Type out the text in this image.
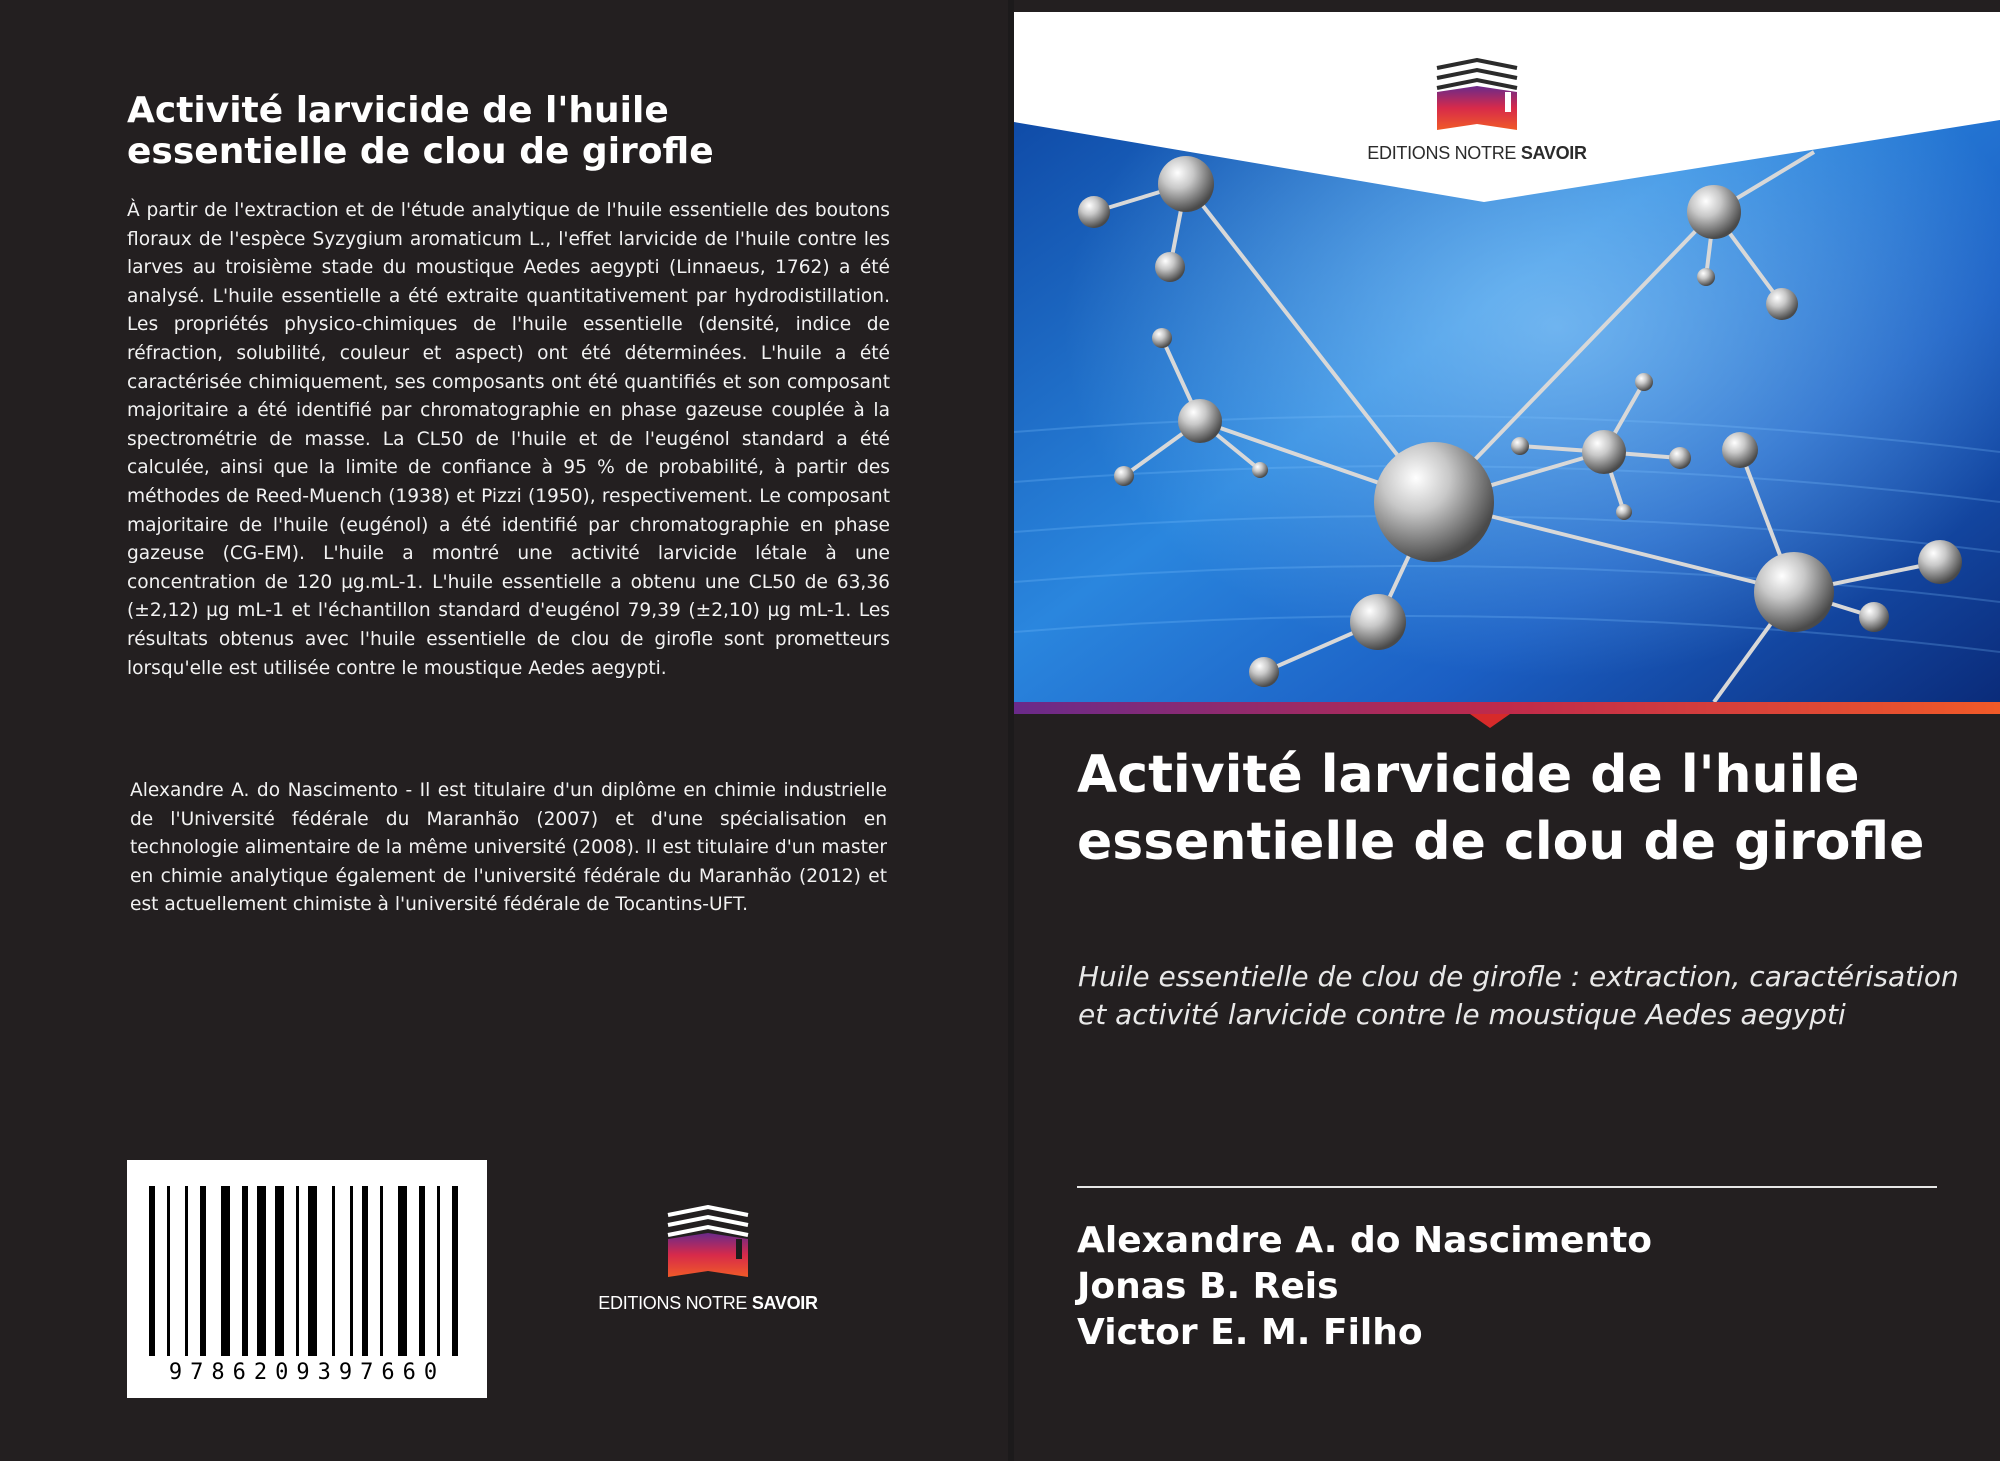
Activité larvicide de l'huile essentielle de clou de girofle

À partir de l'extraction et de l'étude analytique de l'huile essentielle des boutons floraux de l'espèce Syzygium aromaticum L., l'effet larvicide de l'huile contre les larves au troisième stade du moustique Aedes aegypti (Linnaeus, 1762) a été analysé. L'huile essentielle a été extraite quantitativement par hydrodistillation. Les propriétés physico-chimiques de l'huile essentielle (densité, indice de réfraction, solubilité, couleur et aspect) ont été déterminées. L'huile a été caractérisée chimiquement, ses composants ont été quantifiés et son composant majoritaire a été identifié par chromatographie en phase gazeuse couplée à la spectrométrie de masse. La CL50 de l'huile et de l'eugénol standard a été calculée, ainsi que la limite de confiance à 95 % de probabilité, à partir des méthodes de Reed-Muench (1938) et Pizzi (1950), respectivement. Le composant majoritaire de l'huile (eugénol) a été identifié par chromatographie en phase gazeuse (CG-EM). L'huile a montré une activité larvicide létale à une concentration de 120 µg.mL-1. L'huile essentielle a obtenu une CL50 de 63,36 (±2,12) µg mL-1 et l'échantillon standard d'eugénol 79,39 (±2,10) µg mL-1. Les résultats obtenus avec l'huile essentielle de clou de girofle sont prometteurs lorsqu'elle est utilisée contre le moustique Aedes aegypti.

Alexandre A. do Nascimento - Il est titulaire d'un diplôme en chimie industrielle de l'Université fédérale du Maranhão (2007) et d'une spécialisation en technologie alimentaire de la même université (2008). Il est titulaire d'un master en chimie analytique également de l'université fédérale du Maranhão (2012) et est actuellement chimiste à l'université fédérale de Tocantins-UFT.

9786209397660
EDITIONS NOTRE SAVOIR
EDITIONS NOTRE SAVOIR
Activité larvicide de l'huile essentielle de clou de girofle

Huile essentielle de clou de girofle : extraction, caractérisation et activité larvicide contre le moustique Aedes aegypti

Alexandre A. do Nascimento
Jonas B. Reis
Victor E. M. Filho
